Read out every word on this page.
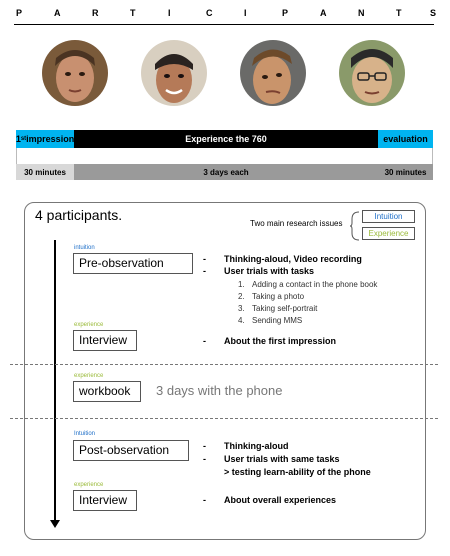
P	A	R	T	I	C	I	P	A	N	T	S
1 st impression	Experience the 760	evaluation
30 minutes	3 days each	30 minutes
4 participants.
Two main research issues
Intuition
Experience
intuition
Pre-observation	- Thinking-aloud, Video recording
- User trials with tasks
1. Adding a contact in the phone book
2. Taking a photo
3. Taking self-portrait
4. Sending MMS
experience
Interview	- About the first impression
experience
workbook	3 days with the phone
Intuition
Post-observation	- Thinking-aloud
- User trials with same tasks
> testing learn-ability of the phone
experience
Interview	- About overall experiences
